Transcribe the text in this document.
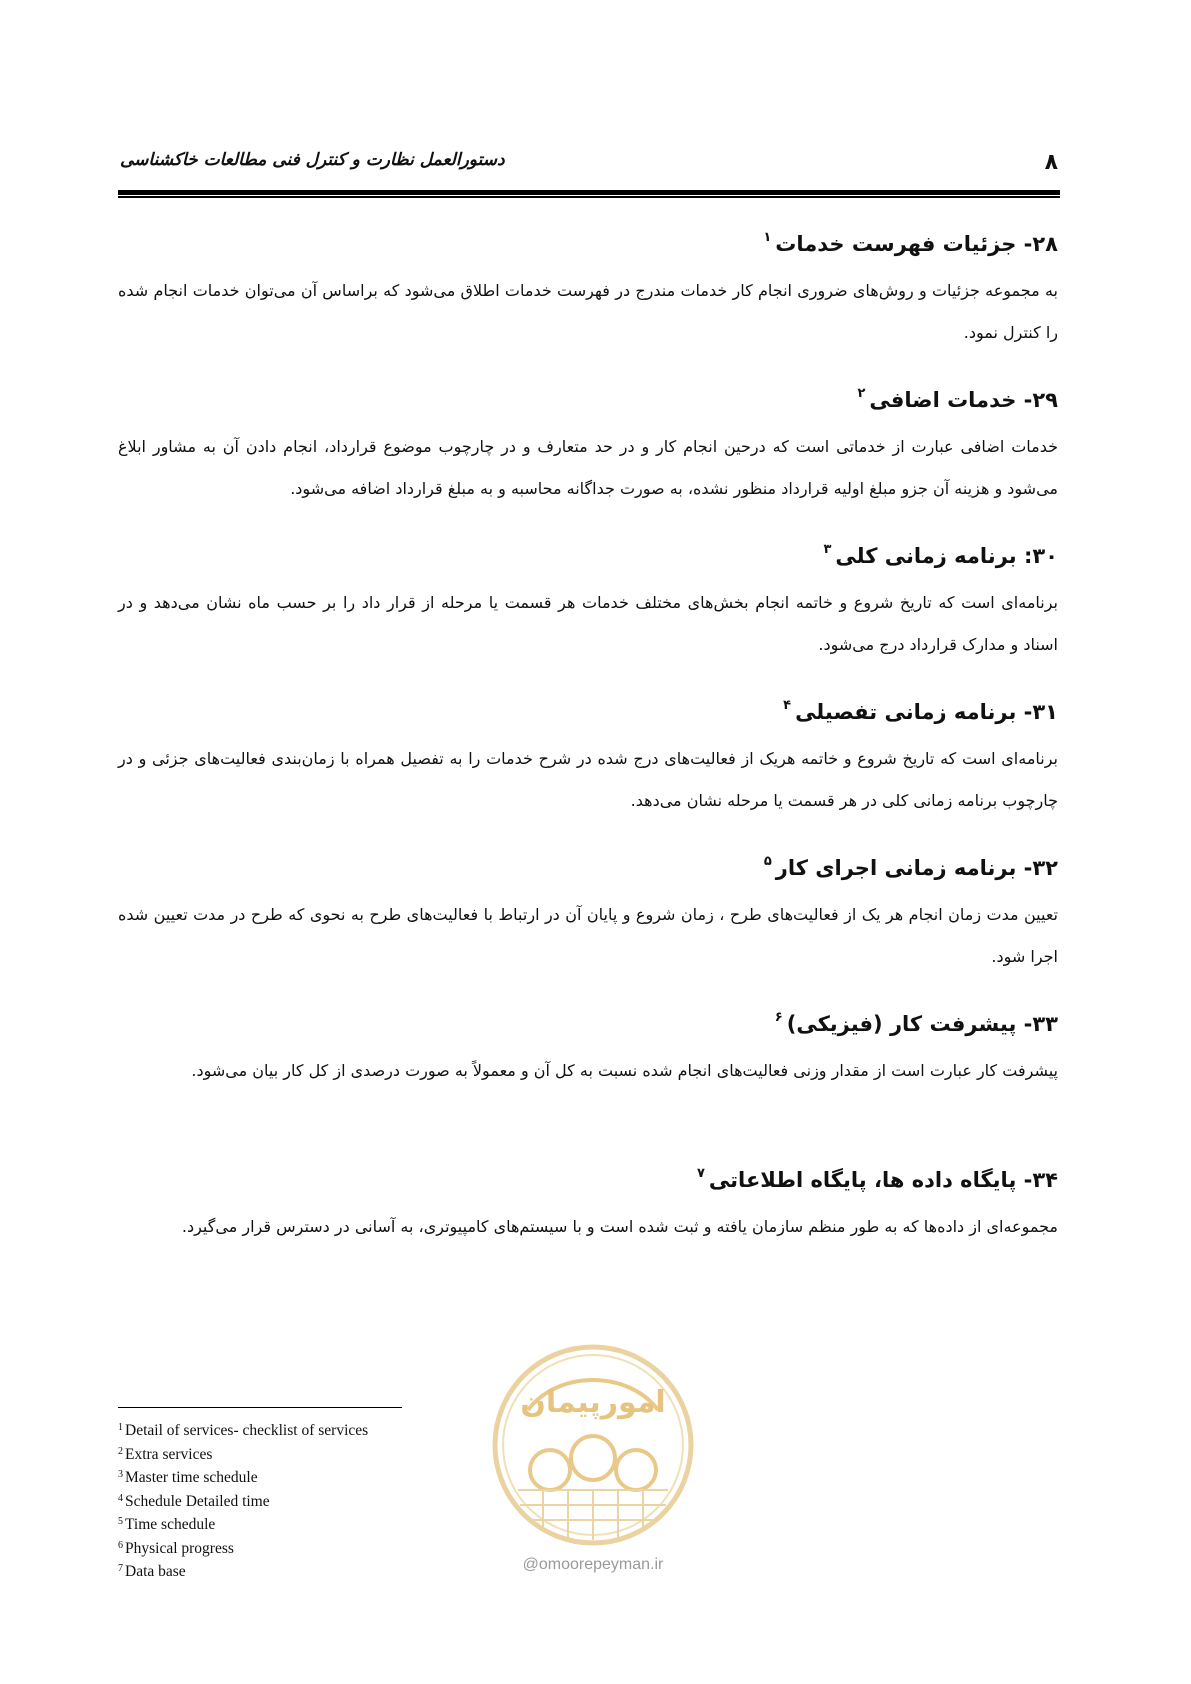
۸
دستورالعمل نظارت و کنترل فنی مطالعات خاکشناسی
۲۸- جزئیات فهرست خدمات$^۱$

به مجموعه جزئیات و روش‌های ضروری انجام کار خدمات مندرج در فهرست خدمات اطلاق می‌شود که براساس آن می‌توان خدمات انجام شده را کنترل نمود.

۲۹- خدمات اضافی$^۲$

خدمات اضافی عبارت از خدماتی است که درحین انجام کار و در حد متعارف و در چارچوب موضوع قرارداد، انجام دادن آن به مشاور ابلاغ می‌شود و هزینه آن جزو مبلغ اولیه قرارداد منظور نشده، به صورت جداگانه محاسبه و به مبلغ قرارداد اضافه می‌شود.

۳۰: برنامه زمانی کلی$^۳$

برنامه‌ای است که تاریخ شروع و خاتمه انجام بخش‌های مختلف خدمات هر قسمت یا مرحله از قرار داد را بر حسب ماه نشان می‌دهد و در اسناد و مدارک قرارداد درج می‌شود.

۳۱- برنامه زمانی تفصیلی$^۴$

برنامه‌ای است که تاریخ شروع و خاتمه هریک از فعالیت‌های درج شده در شرح خدمات را به تفصیل همراه با زمان‌بندی فعالیت‌های جزئی و در چارچوب برنامه زمانی کلی در هر قسمت یا مرحله نشان می‌دهد.

۳۲- برنامه زمانی اجرای کار$^۵$

تعیین مدت زمان انجام هر یک از فعالیت‌های طرح ، زمان شروع و پایان آن در ارتباط با فعالیت‌های طرح به نحوی که طرح در مدت تعیین شده اجرا شود.

۳۳- پیشرفت کار (فیزیکی)$^۶$

پیشرفت کار عبارت است از مقدار وزنی فعالیت‌های انجام شده نسبت به کل آن و معمولاً به صورت درصدی از کل کار بیان می‌شود.

۳۴- پایگاه داده ها، پایگاه اطلاعاتی$^۷$

مجموعه‌ای از داده‌ها که به طور منظم سازمان یافته و ثبت شده است و با سیستم‌های کامپیوتری، به آسانی در دسترس قرار می‌گیرد.

$^1$ Detail of services- checklist of services
$^2$ Extra services
$^3$ Master time schedule
$^4$ Schedule Detailed time
$^5$ Time schedule
$^6$ Physical progress
$^7$ Data base
امورپیمان
@omoorepeyman.ir
